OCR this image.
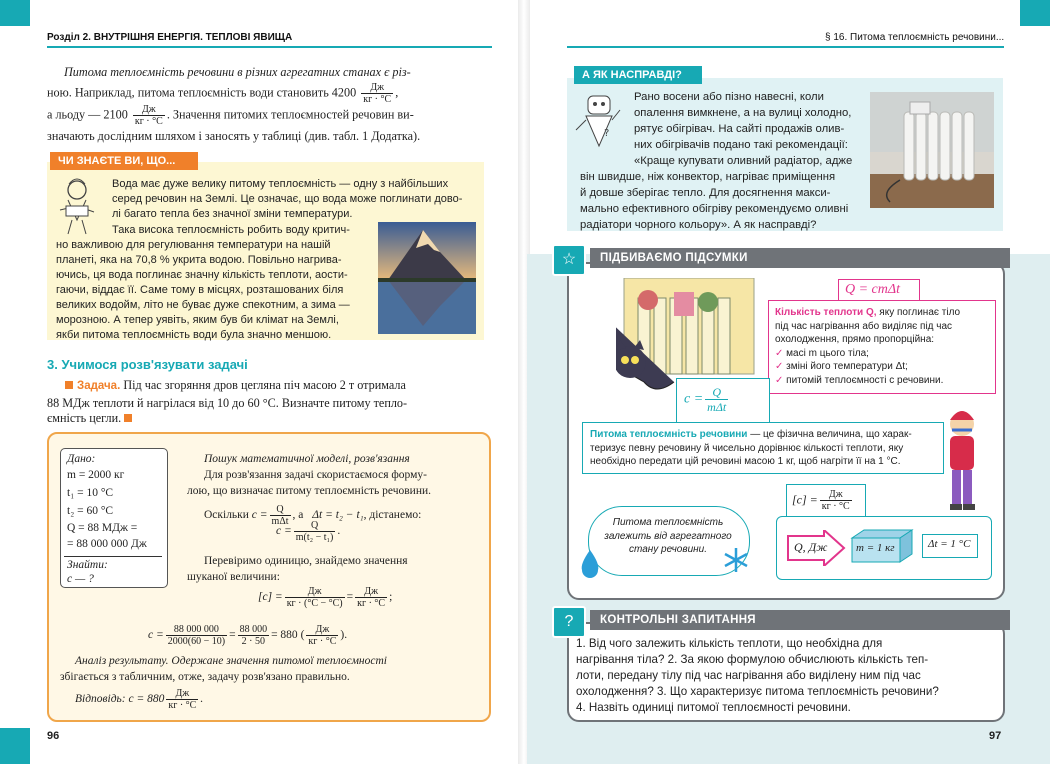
Розділ 2. ВНУТРІШНЯ ЕНЕРГІЯ. ТЕПЛОВІ ЯВИЩА
Питома теплоємність речовини в різних агрегатних станах є різ-
ною. Наприклад, питома теплоємність води становить $4200 \frac{Дж}{кг \cdot ^\circ С}$ ,
а льоду — $2100 \frac{Дж}{кг \cdot ^\circ С}$ . Значення питомих теплоємностей речовин ви-
значають дослідним шляхом і заносять у таблиці (див. табл. 1 Додатка).
ЧИ ЗНАЄТЕ ВИ, ЩО...
Вода має дуже велику питому теплоємність — одну з найбільших
серед речовин на Землі. Це означає, що вода може поглинати дово-
лі багато тепла без значної зміни температури.
Така висока теплоємність робить воду критич-
но важливою для регулювання температури на нашій
планеті, яка на 70,8 % укрита водою. Повільно нагрива-
ючись, ця вода поглинає значну кількість теплоти, аости-
гаючи, віддає її. Саме тому в місцях, розташованих біля
великих водойм, літо не буває дуже спекотним, а зима —
морозною. А тепер уявіть, яким був би клімат на Землі,
якби питома теплоємність води була значно меншою.
3. Учимося розв'язувати задачі
Задача. Під час згоряння дров цегляна піч масою 2 т отримала
88 МДж теплоти й нагрілася від 10 до 60 °С. Визначте питому тепло-
ємність цегли.
Дано:
m = 2000 кг
t₁ = 10 °С
t₂ = 60 °С
Q = 88 МДж =
= 88 000 000 Дж
Знайти:
c — ?
Пошук математичної моделі, розв'язання
Для розв'язання задачі скористаємося форму-
лою, що визначає питому теплоємність речовини.
Оскільки $c = \frac{Q}{\text{mΔt}}$ , а Δt = t₂ − t₁, дістанемо:
$c = \frac{Q}{\text{m(t₂ − t₁)}}$ .
Перевіримо одиницю, знайдемо значення
шуканої величини:
$[c] = \frac{Дж}{кг \cdot (^\circ С - ^\circ С)} = \frac{Дж}{кг \cdot ^\circ С}$ ;
$c = \frac{88 000 000}{2000(60 - 10)} = \frac{88 000}{2 \cdot 50} = 880$ ( $\frac{Дж}{кг \cdot ^\circ С}$ ).
Аналіз результату. Одержане значення питомої теплоємності
збігається з табличним, отже, задачу розв'язано правильно.
Відповідь: $c = 880 \frac{Дж}{кг \cdot ^\circ С}$ .
96
§ 16. Питома теплоємність речовини...
А ЯК НАСПРАВДІ?
?
Рано восени або пізно навесні, коли
опалення вимкнене, а на вулиці холодно,
рятує обігрівач. На сайті продажів олив-
них обігрівачів подано такі рекомендації:
«Краще купувати оливний радіатор, адже
він швидше, ніж конвектор, нагріває приміщення
й довше зберігає тепло. Для досягнення макси-
мально ефективного обігріву рекомендуємо оливні
радіатори чорного кольору». А як насправді?
ПІДБИВАЄМО ПІДСУМКИ
☆
Q = cmΔt
Кількість теплоти Q, яку поглинає тіло
під час нагрівання або виділяє під час
охолодження, прямо пропорційна:
✓ масі m цього тіла;
✓ зміні його температури Δt;
✓ питомій теплоємності c речовини.
$c = \frac{Q}{\text{mΔt}}$
Питома теплоємність речовини — це фізична величина, що харак-
теризує певну речовину й чисельно дорівнює кількості теплоти, яку
необхідно передати цій речовині масою 1 кг, щоб нагріти її на 1 °С.
$[c] = \frac{Дж}{кг \cdot ^\circ С}$
Питома теплоємність
залежить від агрегатного
стану речовини.	Q, Дж	m = 1 кг	Δt = 1 °С
КОНТРОЛЬНІ ЗАПИТАННЯ
?
1. Від чого залежить кількість теплоти, що необхідна для
нагрівання тіла? 2. За якою формулою обчислюють кількість теп-
лоти, передану тілу під час нагрівання або виділену ним під час
охолодження? 3. Що характеризує питома теплоємність речовини?
4. Назвіть одиниці питомої теплоємності речовини.
97
